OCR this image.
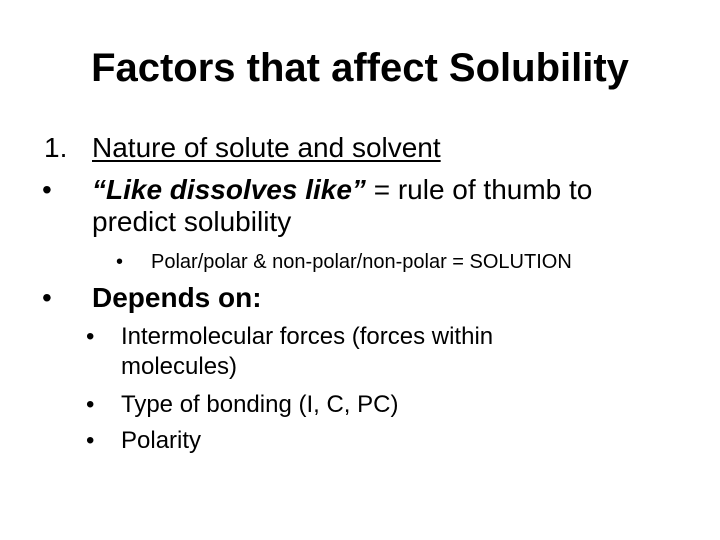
Factors that affect Solubility
1. Nature of solute and solvent
• “Like dissolves like” = rule of thumb to
predict solubility
• Polar/polar & non-polar/non-polar = SOLUTION
• Depends on:
• Intermolecular forces (forces within
molecules)
• Type of bonding (I, C, PC)
• Polarity
